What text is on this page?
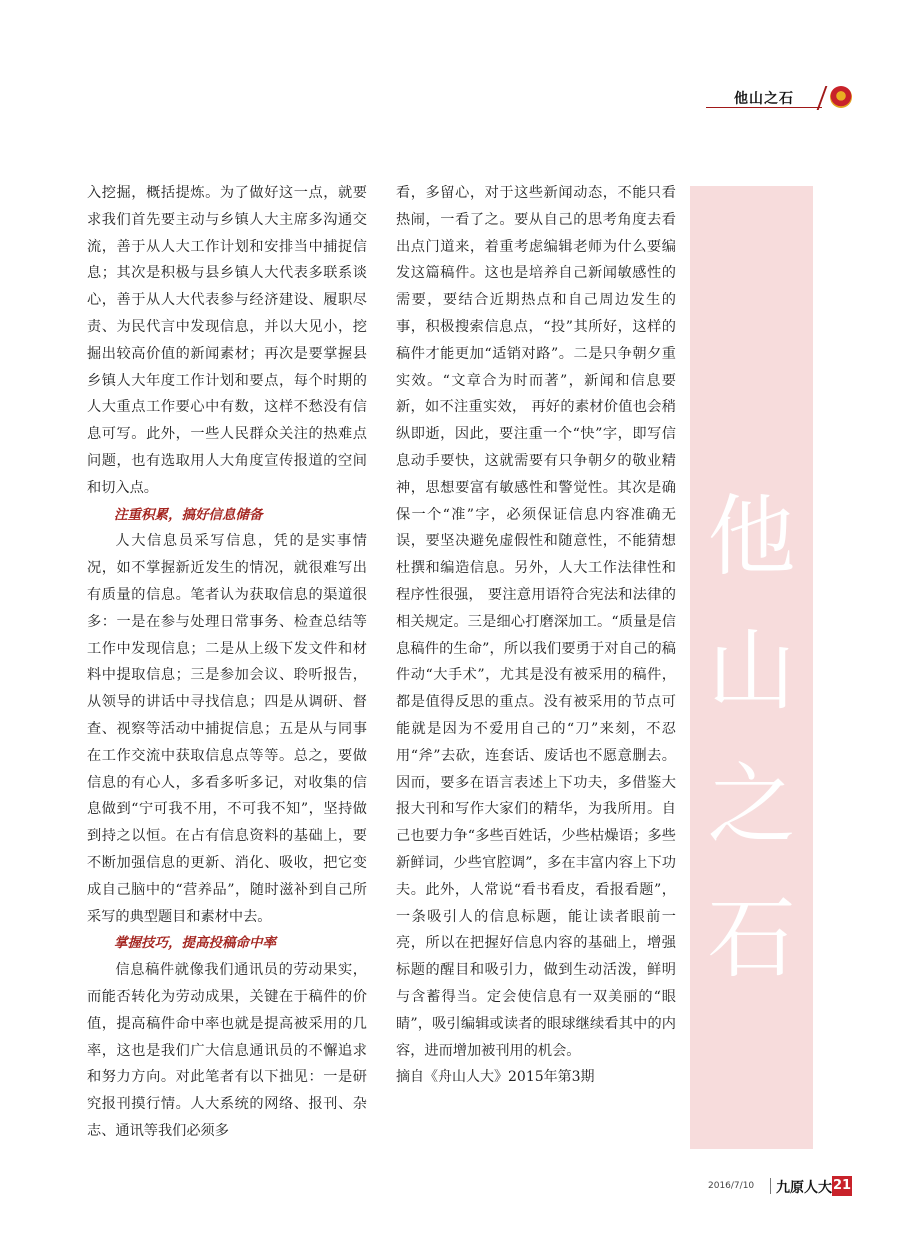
他山之石
他
山
之
石

入挖掘，概括提炼。为了做好这一点，就要求我们首先要主动与乡镇人大主席多沟通交流，善于从人大工作计划和安排当中捕捉信息；其次是积极与县乡镇人大代表多联系谈心，善于从人大代表参与经济建设、履职尽责、为民代言中发现信息，并以大见小，挖掘出较高价值的新闻素材；再次是要掌握县乡镇人大年度工作计划和要点，每个时期的人大重点工作要心中有数，这样不愁没有信息可写。此外，一些人民群众关注的热难点问题，也有选取用人大角度宣传报道的空间和切入点。

注重积累，搞好信息储备

人大信息员采写信息，凭的是实事情况，如不掌握新近发生的情况，就很难写出有质量的信息。笔者认为获取信息的渠道很多：一是在参与处理日常事务、检查总结等工作中发现信息；二是从上级下发文件和材料中提取信息；三是参加会议、聆听报告，从领导的讲话中寻找信息；四是从调研、督查、视察等活动中捕捉信息；五是从与同事在工作交流中获取信息点等等。总之，要做信息的有心人，多看多听多记，对收集的信息做到“宁可我不用，不可我不知”，坚持做到持之以恒。在占有信息资料的基础上，要不断加强信息的更新、消化、吸收，把它变成自己脑中的“营养品”，随时滋补到自己所采写的典型题目和素材中去。

掌握技巧，提高投稿命中率

信息稿件就像我们通讯员的劳动果实，而能否转化为劳动成果，关键在于稿件的价值，提高稿件命中率也就是提高被采用的几率，这也是我们广大信息通讯员的不懈追求和努力方向。对此笔者有以下拙见：一是研究报刊摸行情。人大系统的网络、报刊、杂志、通讯等我们必须多

看，多留心，对于这些新闻动态，不能只看热闹，一看了之。要从自己的思考角度去看出点门道来，着重考虑编辑老师为什么要编发这篇稿件。这也是培养自己新闻敏感性的需要，要结合近期热点和自己周边发生的事，积极搜索信息点，“投”其所好，这样的稿件才能更加“适销对路”。二是只争朝夕重实效。“文章合为时而著”，新闻和信息要新，如不注重实效， 再好的素材价值也会稍纵即逝，因此，要注重一个“快”字，即写信息动手要快，这就需要有只争朝夕的敬业精神，思想要富有敏感性和警觉性。其次是确保一个“准”字，必须保证信息内容准确无误，要坚决避免虚假性和随意性，不能猜想杜撰和编造信息。另外，人大工作法律性和程序性很强， 要注意用语符合宪法和法律的相关规定。三是细心打磨深加工。“质量是信息稿件的生命”，所以我们要勇于对自己的稿件动“大手术”，尤其是没有被采用的稿件，都是值得反思的重点。没有被采用的节点可能就是因为不爱用自己的“刀”来刻，不忍用“斧”去砍，连套话、废话也不愿意删去。因而，要多在语言表述上下功夫，多借鉴大报大刊和写作大家们的精华，为我所用。自己也要力争“多些百姓话，少些枯燥语；多些新鲜词，少些官腔调”，多在丰富内容上下功夫。此外，人常说“看书看皮，看报看题”，一条吸引人的信息标题，能让读者眼前一亮，所以在把握好信息内容的基础上，增强标题的醒目和吸引力，做到生动活泼，鲜明与含蓄得当。定会使信息有一双美丽的“眼睛”，吸引编辑或读者的眼球继续看其中的内容，进而增加被刊用的机会。

摘自《舟山人大》2015年第3期

2016/7/10 九原人大 21
